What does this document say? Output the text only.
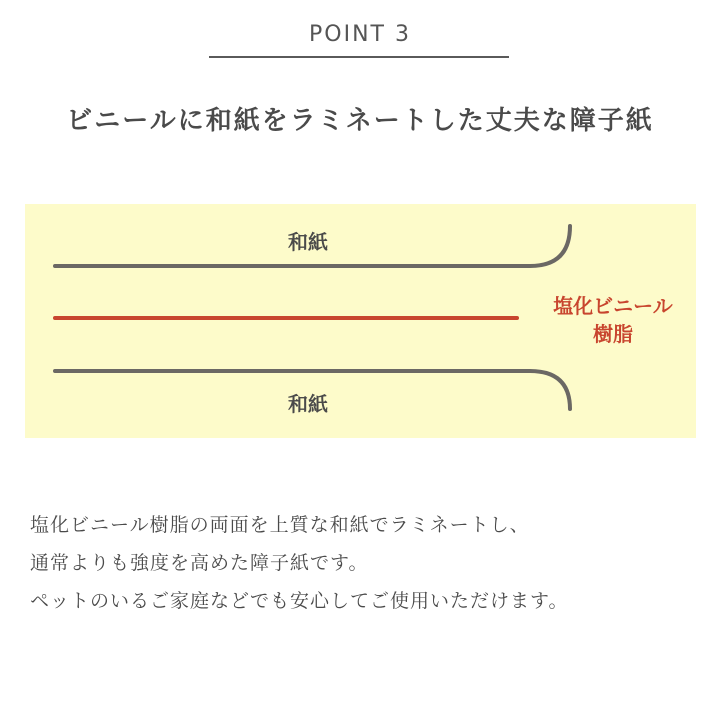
POINT 3
ビニールに和紙をラミネートした丈夫な障子紙
和紙
塩化ビニール
樹脂
和紙

塩化ビニール樹脂の両面を上質な和紙でラミネートし、

通常よりも強度を高めた障子紙です。

ペットのいるご家庭などでも安心してご使用いただけます。
